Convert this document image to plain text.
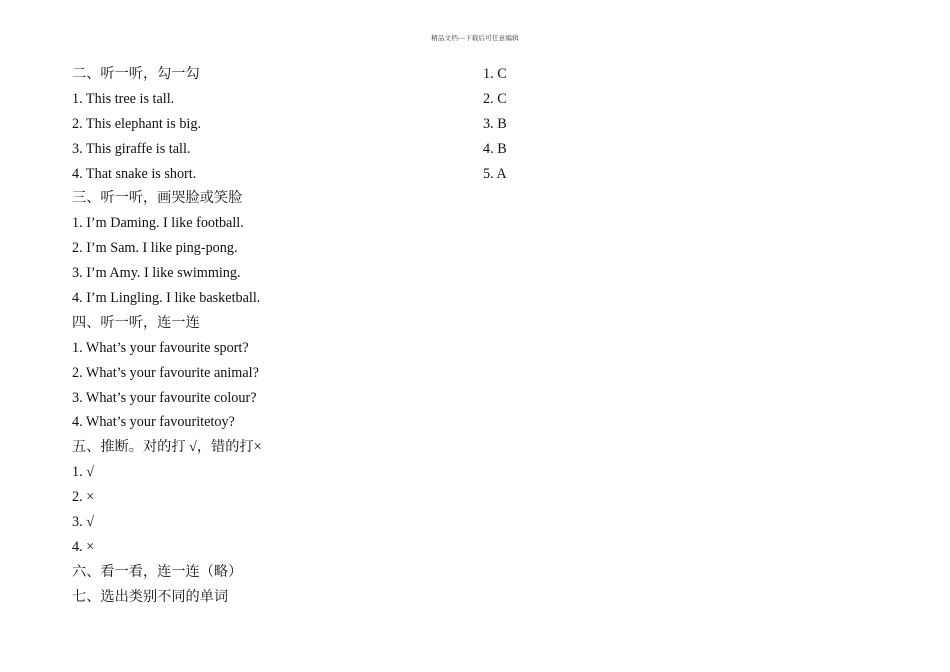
精品文档---下载后可任意编辑
二、听一听，勾一勾
1. This tree is tall.
2. This elephant is big.
3. This giraffe is tall.
4. That snake is short.
三、听一听，画哭脸或笑脸
1. I’m Daming. I like football.
2. I’m Sam. I like ping-pong.
3. I’m Amy. I like swimming.
4. I’m Lingling. I like basketball.
四、听一听，连一连
1. What’s your favourite sport?
2. What’s your favourite animal?
3. What’s your favourite colour?
4. What’s your favouritetoy?
五、推断。对的打 √，错的打×
1. √
2. ×
3. √
4. ×
六、看一看，连一连（略）
七、选出类别不同的单词
1. C
2. C
3. B
4. B
5. A
